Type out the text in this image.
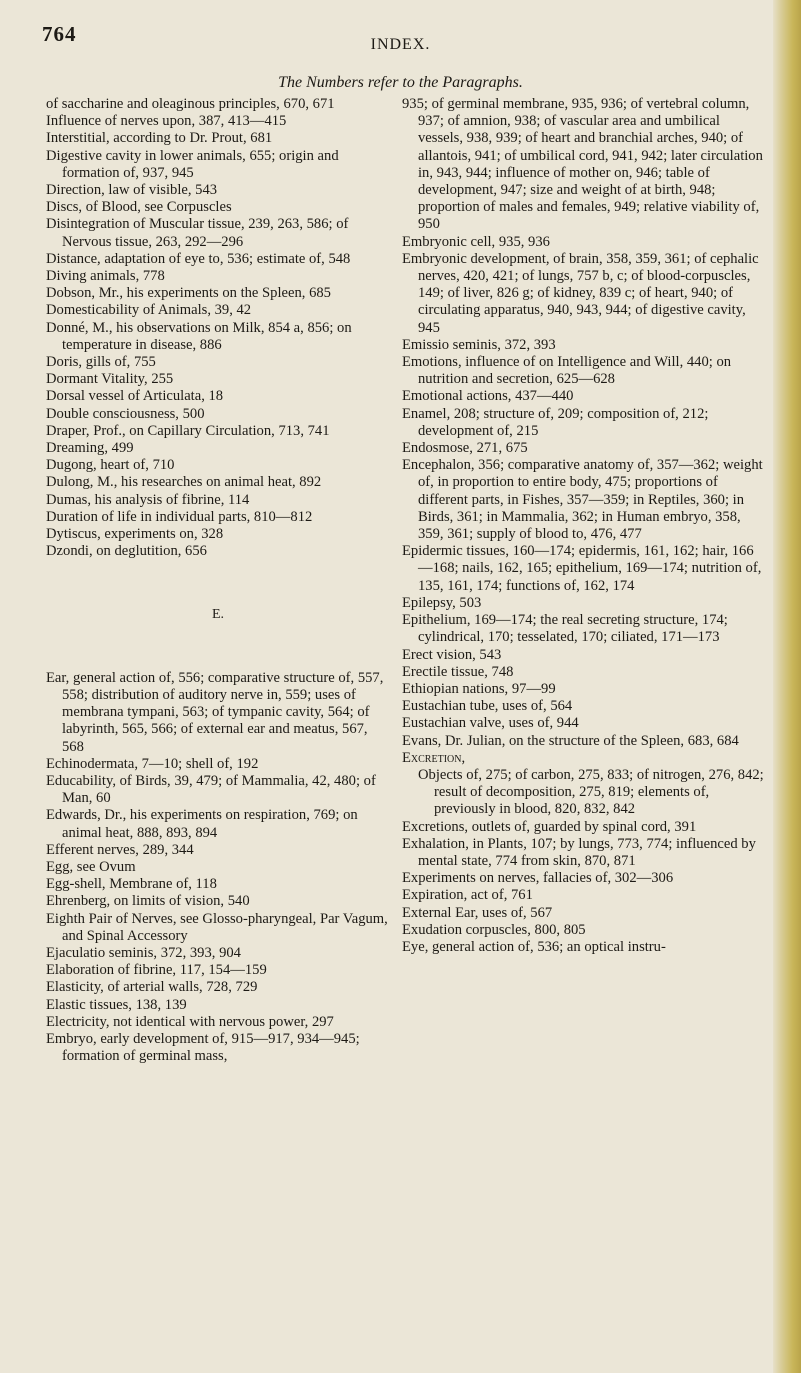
764	INDEX.
The Numbers refer to the Paragraphs.

of saccharine and oleaginous principles, 670, 671

Influence of nerves upon, 387, 413—415

Interstitial, according to Dr. Prout, 681

Digestive cavity in lower animals, 655; origin and formation of, 937, 945

Direction, law of visible, 543

Discs, of Blood, see Corpuscles

Disintegration of Muscular tissue, 239, 263, 586; of Nervous tissue, 263, 292—296

Distance, adaptation of eye to, 536; estimate of, 548

Diving animals, 778

Dobson, Mr., his experiments on the Spleen, 685

Domesticability of Animals, 39, 42

Donné, M., his observations on Milk, 854 a, 856; on temperature in disease, 886

Doris, gills of, 755

Dormant Vitality, 255

Dorsal vessel of Articulata, 18

Double consciousness, 500

Draper, Prof., on Capillary Circulation, 713, 741

Dreaming, 499

Dugong, heart of, 710

Dulong, M., his researches on animal heat, 892

Dumas, his analysis of fibrine, 114

Duration of life in individual parts, 810—812

Dytiscus, experiments on, 328

Dzondi, on deglutition, 656

E.

Ear, general action of, 556; comparative structure of, 557, 558; distribution of auditory nerve in, 559; uses of membrana tympani, 563; of tympanic cavity, 564; of labyrinth, 565, 566; of external ear and meatus, 567, 568

Echinodermata, 7—10; shell of, 192

Educability, of Birds, 39, 479; of Mammalia, 42, 480; of Man, 60

Edwards, Dr., his experiments on respiration, 769; on animal heat, 888, 893, 894

Efferent nerves, 289, 344

Egg, see Ovum

Egg-shell, Membrane of, 118

Ehrenberg, on limits of vision, 540

Eighth Pair of Nerves, see Glosso-pharyngeal, Par Vagum, and Spinal Accessory

Ejaculatio seminis, 372, 393, 904

Elaboration of fibrine, 117, 154—159

Elasticity, of arterial walls, 728, 729

Elastic tissues, 138, 139

Electricity, not identical with nervous power, 297

Embryo, early development of, 915—917, 934—945; formation of germinal mass,

935; of germinal membrane, 935, 936; of vertebral column, 937; of amnion, 938; of vascular area and umbilical vessels, 938, 939; of heart and branchial arches, 940; of allantois, 941; of umbilical cord, 941, 942; later circulation in, 943, 944; influence of mother on, 946; table of development, 947; size and weight of at birth, 948; proportion of males and females, 949; relative viability of, 950

Embryonic cell, 935, 936

Embryonic development, of brain, 358, 359, 361; of cephalic nerves, 420, 421; of lungs, 757 b, c; of blood-corpuscles, 149; of liver, 826 g; of kidney, 839 c; of heart, 940; of circulating apparatus, 940, 943, 944; of digestive cavity, 945

Emissio seminis, 372, 393

Emotions, influence of on Intelligence and Will, 440; on nutrition and secretion, 625—628

Emotional actions, 437—440

Enamel, 208; structure of, 209; composition of, 212; development of, 215

Endosmose, 271, 675

Encephalon, 356; comparative anatomy of, 357—362; weight of, in proportion to entire body, 475; proportions of different parts, in Fishes, 357—359; in Reptiles, 360; in Birds, 361; in Mammalia, 362; in Human embryo, 358, 359, 361; supply of blood to, 476, 477

Epidermic tissues, 160—174; epidermis, 161, 162; hair, 166—168; nails, 162, 165; epithelium, 169—174; nutrition of, 135, 161, 174; functions of, 162, 174

Epilepsy, 503

Epithelium, 169—174; the real secreting structure, 174; cylindrical, 170; tesselated, 170; ciliated, 171—173

Erect vision, 543

Erectile tissue, 748

Ethiopian nations, 97—99

Eustachian tube, uses of, 564

Eustachian valve, uses of, 944

Evans, Dr. Julian, on the structure of the Spleen, 683, 684

Excretion,

Objects of, 275; of carbon, 275, 833; of nitrogen, 276, 842; result of decomposition, 275, 819; elements of, previously in blood, 820, 832, 842

Excretions, outlets of, guarded by spinal cord, 391

Exhalation, in Plants, 107; by lungs, 773, 774; influenced by mental state, 774 from skin, 870, 871

Experiments on nerves, fallacies of, 302—306

Expiration, act of, 761

External Ear, uses of, 567

Exudation corpuscles, 800, 805

Eye, general action of, 536; an optical instru-
